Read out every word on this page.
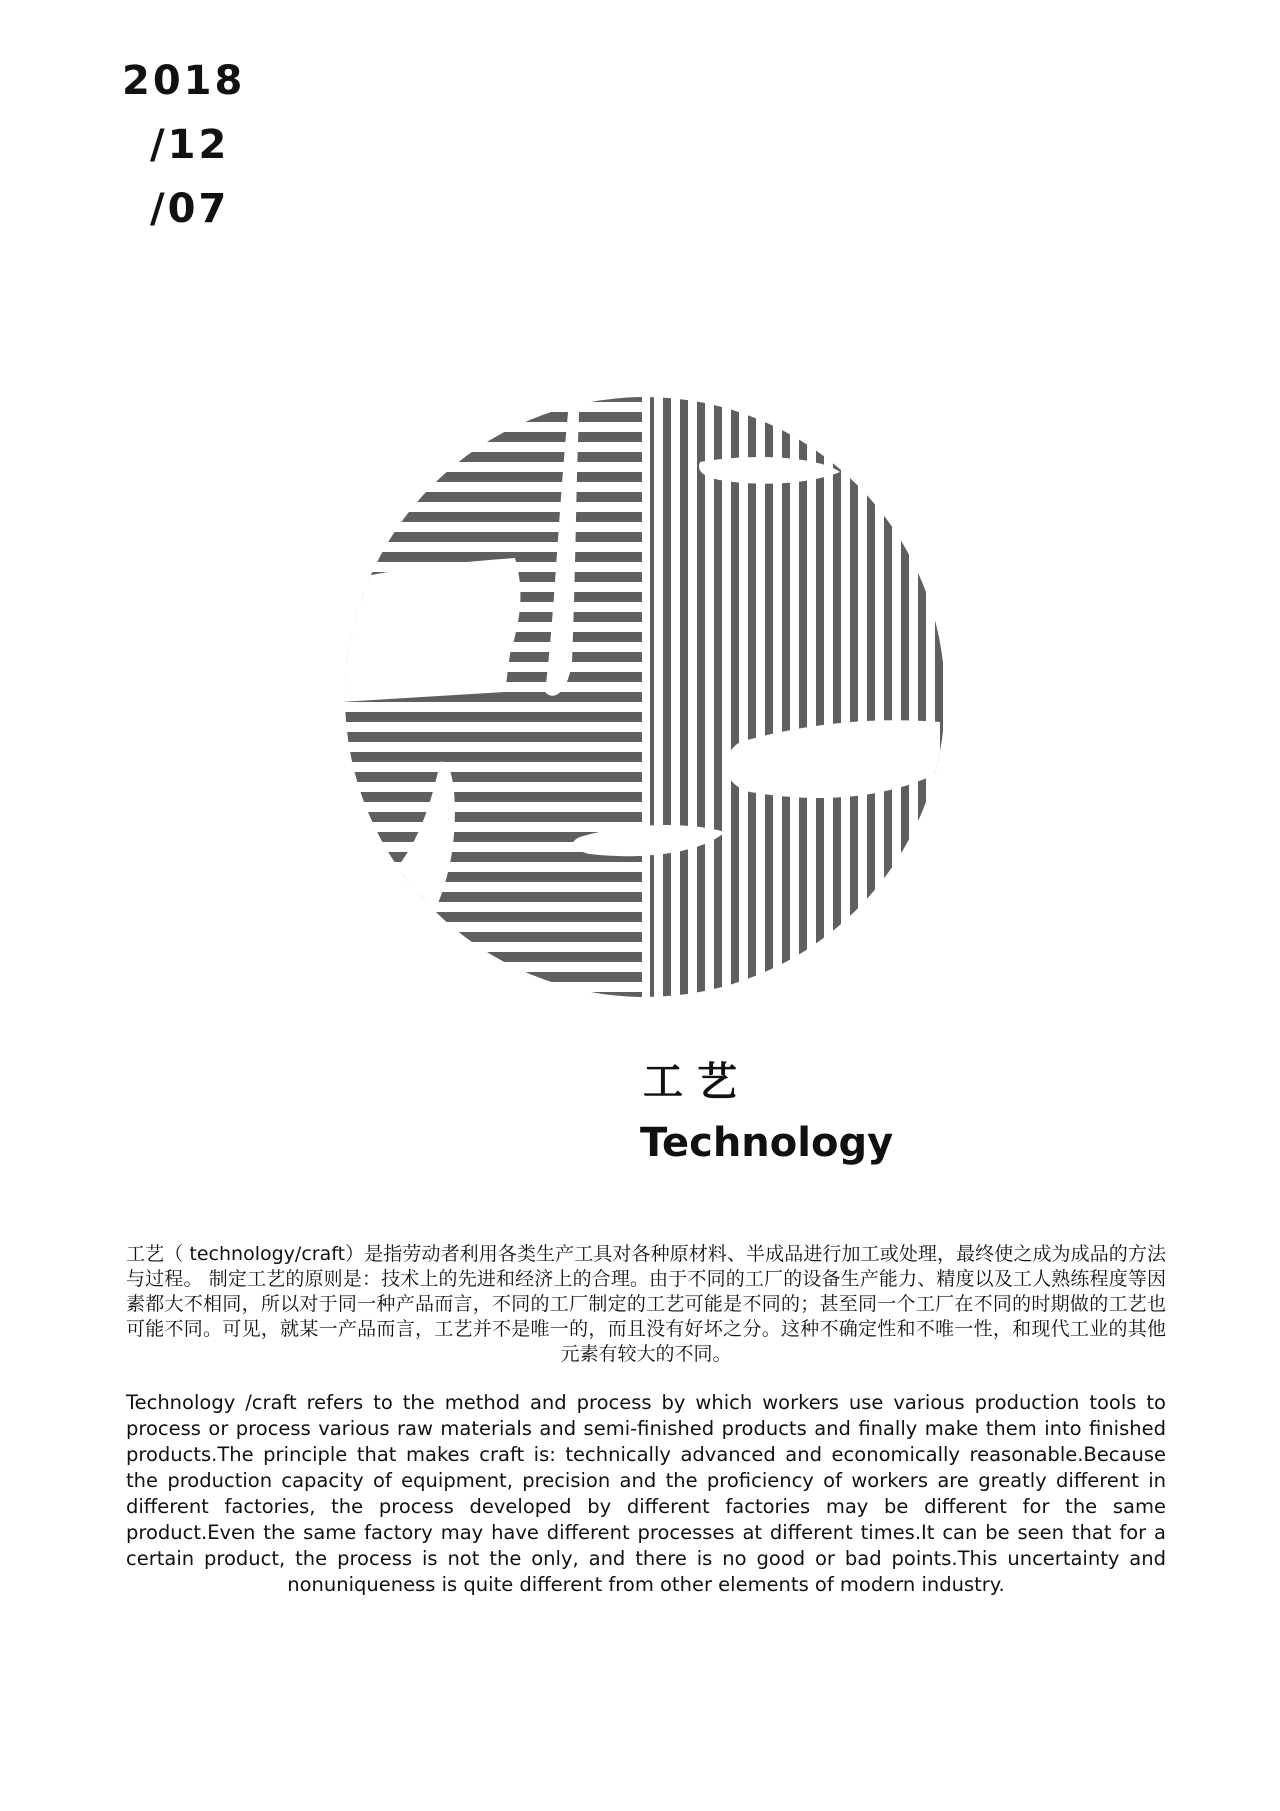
2018
/12
/07
工艺
Technology
工艺（ technology/craft）是指劳动者利用各类生产工具对各种原材料、半成品进行加工或处理，最终使之成为成品的方法与过程。 制定工艺的原则是：技术上的先进和经济上的合理。由于不同的工厂的设备生产能力、精度以及工人熟练程度等因素都大不相同，所以对于同一种产品而言，不同的工厂制定的工艺可能是不同的；甚至同一个工厂在不同的时期做的工艺也可能不同。可见，就某一产品而言，工艺并不是唯一的，而且没有好坏之分。这种不确定性和不唯一性，和现代工业的其他元素有较大的不同。
Technology /craft refers to the method and process by which workers use various production tools to process or process various raw materials and semi-finished products and finally make them into finished products.The principle that makes craft is: technically advanced and economically reasonable.Because the production capacity of equipment, precision and the proficiency of workers are greatly different in different factories, the process developed by different factories may be different for the same product.Even the same factory may have different processes at different times.It can be seen that for a certain product, the process is not the only, and there is no good or bad points.This uncertainty and nonuniqueness is quite different from other elements of modern industry.
